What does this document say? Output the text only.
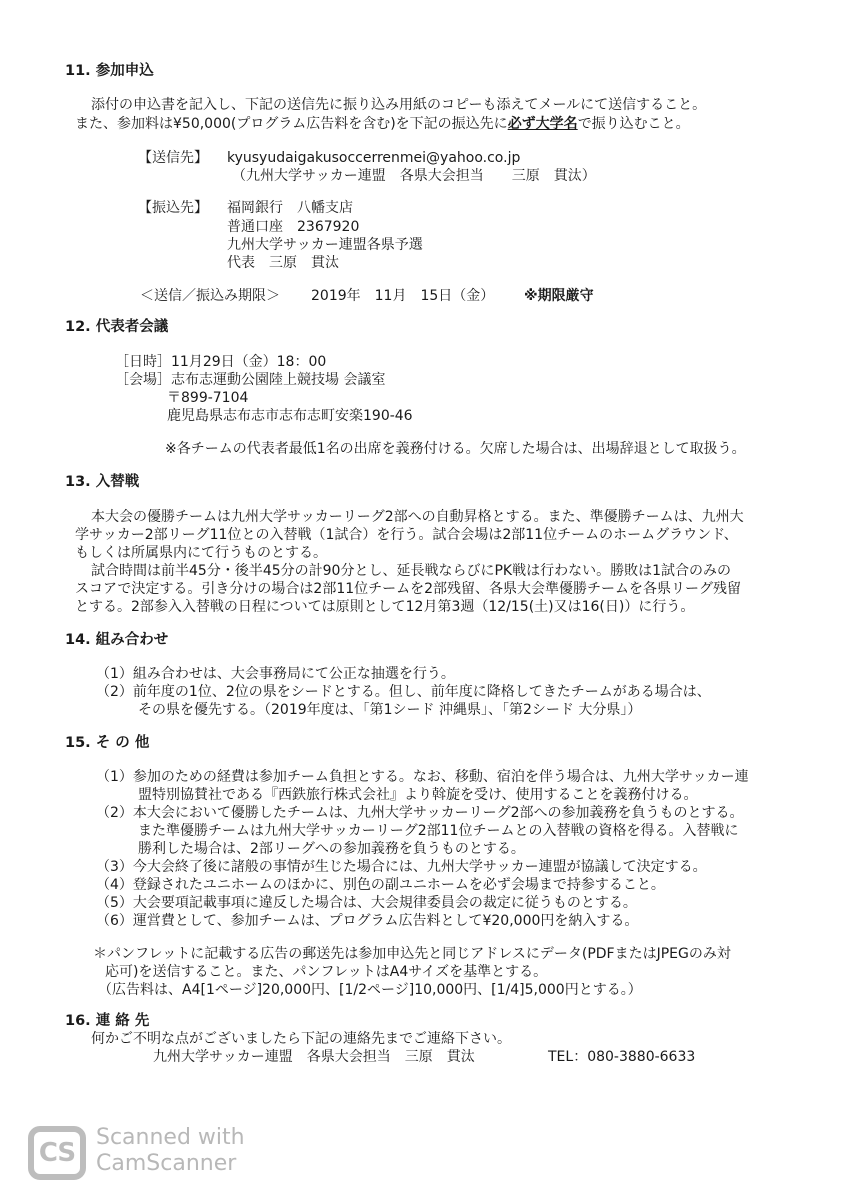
11. 参加申込
添付の申込書を記入し、下記の送信先に振り込み用紙のコピーも添えてメールにて送信すること。
また、参加料は¥50,000(プログラム広告料を含む)を下記の振込先に必ず大学名で振り込むこと。
【送信先】 kyusyudaigakusoccerrenmei@yahoo.co.jp
（九州大学サッカー連盟　各県大会担当　　三原　貫汰）
【振込先】 福岡銀行　八幡支店
普通口座　2367920
九州大学サッカー連盟各県予選
代表　三原　貫汰
＜送信／振込み期限＞ 2019年　11月　15日（金） ※期限厳守
12. 代表者会議
［日時］11月29日（金）18：00
［会場］志布志運動公園陸上競技場 会議室
〒899-7104
鹿児島県志布志市志布志町安楽190-46
※各チームの代表者最低1名の出席を義務付ける。欠席した場合は、出場辞退として取扱う。
13. 入替戦
本大会の優勝チームは九州大学サッカーリーグ2部への自動昇格とする。また、準優勝チームは、九州大
学サッカー2部リーグ11位との入替戦（1試合）を行う。試合会場は2部11位チームのホームグラウンド、
もしくは所属県内にて行うものとする。
試合時間は前半45分・後半45分の計90分とし、延長戦ならびにPK戦は行わない。勝敗は1試合のみの
スコアで決定する。引き分けの場合は2部11位チームを2部残留、各県大会準優勝チームを各県リーグ残留
とする。2部参入入替戦の日程については原則として12月第3週（12/15(土)又は16(日)）に行う。
14. 組み合わせ
（1）組み合わせは、大会事務局にて公正な抽選を行う。
（2）前年度の1位、2位の県をシードとする。但し、前年度に降格してきたチームがある場合は、
その県を優先する。（2019年度は、「第1シード 沖縄県」、「第2シード 大分県」）
15. そ の 他
（1）参加のための経費は参加チーム負担とする。なお、移動、宿泊を伴う場合は、九州大学サッカー連
盟特別協賛社である『西鉄旅行株式会社』より斡旋を受け、使用することを義務付ける。
（2）本大会において優勝したチームは、九州大学サッカーリーグ2部への参加義務を負うものとする。
また準優勝チームは九州大学サッカーリーグ2部11位チームとの入替戦の資格を得る。入替戦に
勝利した場合は、2部リーグへの参加義務を負うものとする。
（3）今大会終了後に諸般の事情が生じた場合には、九州大学サッカー連盟が協議して決定する。
（4）登録されたユニホームのほかに、別色の副ユニホームを必ず会場まで持参すること。
（5）大会要項記載事項に違反した場合は、大会規律委員会の裁定に従うものとする。
（6）運営費として、参加チームは、プログラム広告料として¥20,000円を納入する。
＊パンフレットに記載する広告の郵送先は参加申込先と同じアドレスにデータ(PDFまたはJPEGのみ対
応可)を送信すること。また、パンフレットはA4サイズを基準とする。
（広告料は、A4[1ページ]20,000円、[1/2ページ]10,000円、[1/4]5,000円とする。）
16. 連 絡 先
何かご不明な点がございましたら下記の連絡先までご連絡下さい。
九州大学サッカー連盟　各県大会担当　三原　貫汰	TEL：080-3880-6633
CS Scanned with
CamScanner
